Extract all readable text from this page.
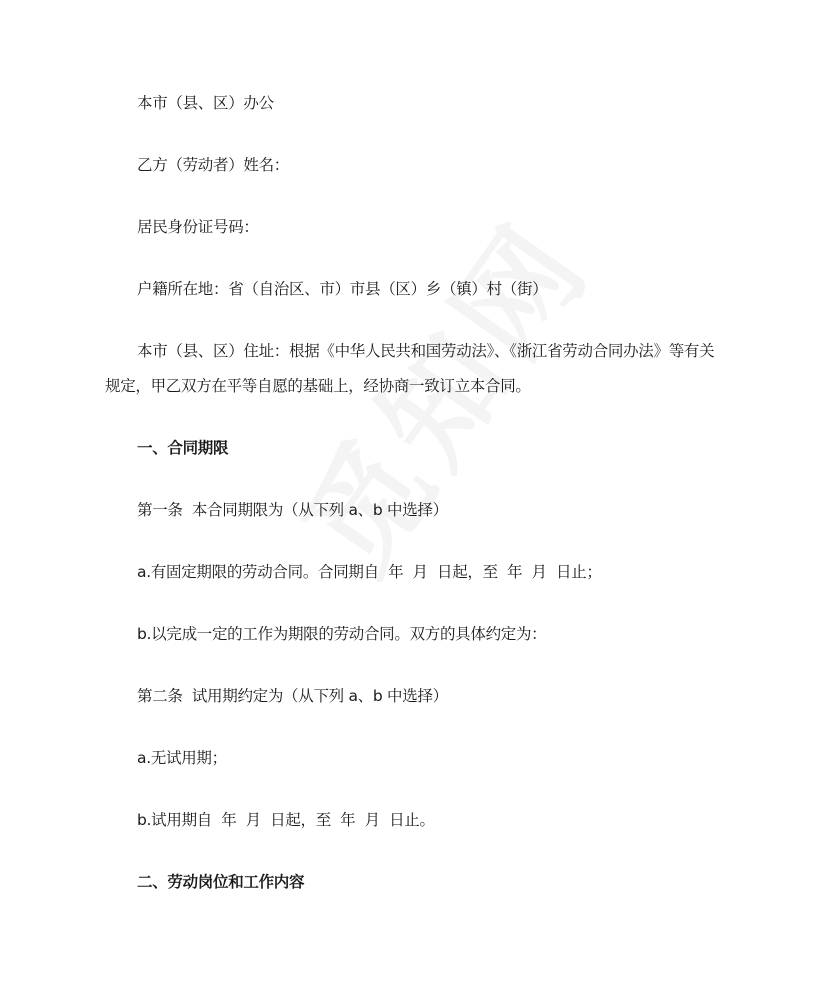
本市（县、区）办公

乙方（劳动者）姓名：

居民身份证号码：

户籍所在地：省（自治区、市）市县（区）乡（镇）村（街）

本市（县、区）住址：根据《中华人民共和国劳动法》、《浙江省劳动合同办法》等有关规定，甲乙双方在平等自愿的基础上，经协商一致订立本合同。

一、合同期限

第一条  本合同期限为（从下列 a、b 中选择）

a.有固定期限的劳动合同。合同期自  年  月  日起，至  年  月  日止；

b.以完成一定的工作为期限的劳动合同。双方的具体约定为：

第二条  试用期约定为（从下列 a、b 中选择）

a.无试用期；

b.试用期自  年  月  日起，至  年  月  日止。

二、劳动岗位和工作内容
